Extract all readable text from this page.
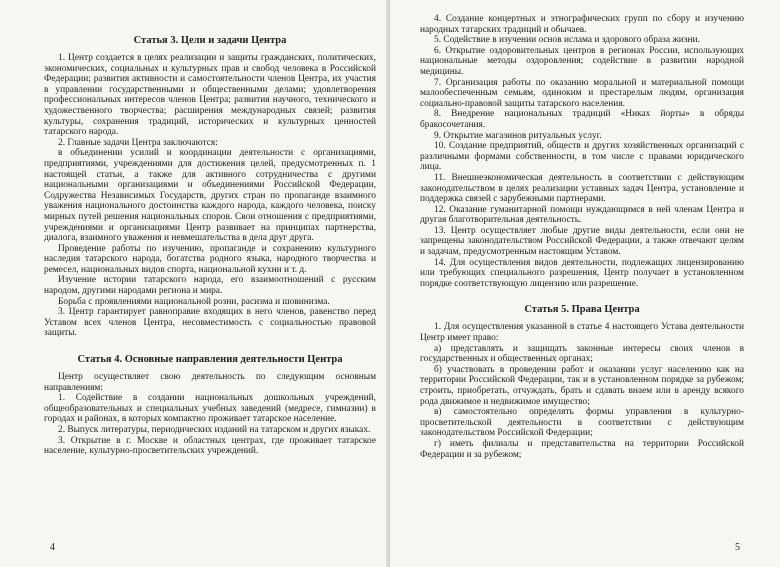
Статья 3. Цели и задачи Центра

1. Центр создается в целях реализации и защиты гражданских, политических, экономических, социальных и культурных прав и свобод человека в Российской Федерации; развития активности и самостоятельности членов Центра, их участия в управлении государственными и общественными делами; удовлетворения профессиональных интересов членов Центра; развития научного, технического и художественного творчества; расширения международных связей; развития культуры, сохранения традиций, исторических и культурных ценностей татарского народа.

2. Главные задачи Центра заключаются:

в объединении усилий и координации деятельности с организациями, предприятиями, учреждениями для достижения целей, предусмотренных п. 1 настоящей статьи, а также для активного сотрудничества с другими национальными организациями и объединениями Российской Федерации, Содружества Независимых Государств, других стран по пропаганде взаимного уважения национального достоинства каждого народа, каждого человека, поиску мирных путей решения национальных споров. Свои отношения с предприятиями, учреждениями и организациями Центр развивает на принципах партнерства, диалога, взаимного уважения и невмешательства в дела друг друга.

Проведение работы по изучению, пропаганде и сохранению культурного наследия татарского народа, богатства родного языка, народного творчества и ремесел, национальных видов спорта, национальной кухни и т. д.

Изучение истории татарского народа, его взаимоотношений с русским народом, другими народами региона и мира.

Борьба с проявлениями национальной розни, расизма и шовинизма.

3. Центр гарантирует равноправие входящих в него членов, равенство перед Уставом всех членов Центра, несовместимость с социальностью правовой защиты.

Статья 4. Основные направления деятельности Центра

Центр осуществляет свою деятельность по следующим основным направлениям:

1. Содействие в создании национальных дошкольных учреждений, общеобразовательных и специальных учебных заведений (медресе, гимназии) в городах и районах, в которых компактно проживает татарское население.

2. Выпуск литературы, периодических изданий на татарском и других языках.

3. Открытие в г. Москве и областных центрах, где проживает татарское население, культурно-просветительских учреждений.

4

4. Создание концертных и этнографических групп по сбору и изучению народных татарских традиций и обычаев.

5. Содействие в изучении основ ислама и здорового образа жизни.

6. Открытие оздоровительных центров в регионах России, использующих национальные методы оздоровления; содействие в развитии народной медицины.

7. Организация работы по оказанию моральной и материальной помощи малообеспеченным семьям, одиноким и престарелым людям, организация социально-правовой защиты татарского населения.

8. Внедрение национальных традиций «Никах йорты» в обряды бракосочетания.

9. Открытие магазинов ритуальных услуг.

10. Создание предприятий, обществ и других хозяйственных организаций с различными формами собственности, в том числе с правами юридического лица.

11. Внешнеэкономическая деятельность в соответствии с действующим законодательством в целях реализации уставных задач Центра, установление и поддержка связей с зарубежными партнерами.

12. Оказание гуманитарной помощи нуждающимся в ней членам Центра и другая благотворительная деятельность.

13. Центр осуществляет любые другие виды деятельности, если они не запрещены законодательством Российской Федерации, а также отвечают целям и задачам, предусмотренным настоящим Уставом.

14. Для осуществления видов деятельности, подлежащих лицензированию или требующих специального разрешения, Центр получает в установленном порядке соответствующую лицензию или разрешение.

Статья 5. Права Центра

1. Для осуществления указанной в статье 4 настоящего Устава деятельности Центр имеет право:

а) представлять и защищать законные интересы своих членов в государственных и общественных органах;

б) участвовать в проведении работ и оказании услуг населению как на территории Российской Федерации, так и в установленном порядке за рубежом; строить, приобретать, отчуждать, брать и сдавать внаем или в аренду всякого рода движимое и недвижимое имущество;

в) самостоятельно определять формы управления в культурно-просветительской деятельности в соответствии с действующим законодательством Российской Федерации;

г) иметь филиалы и представительства на территории Российской Федерации и за рубежом;

5
